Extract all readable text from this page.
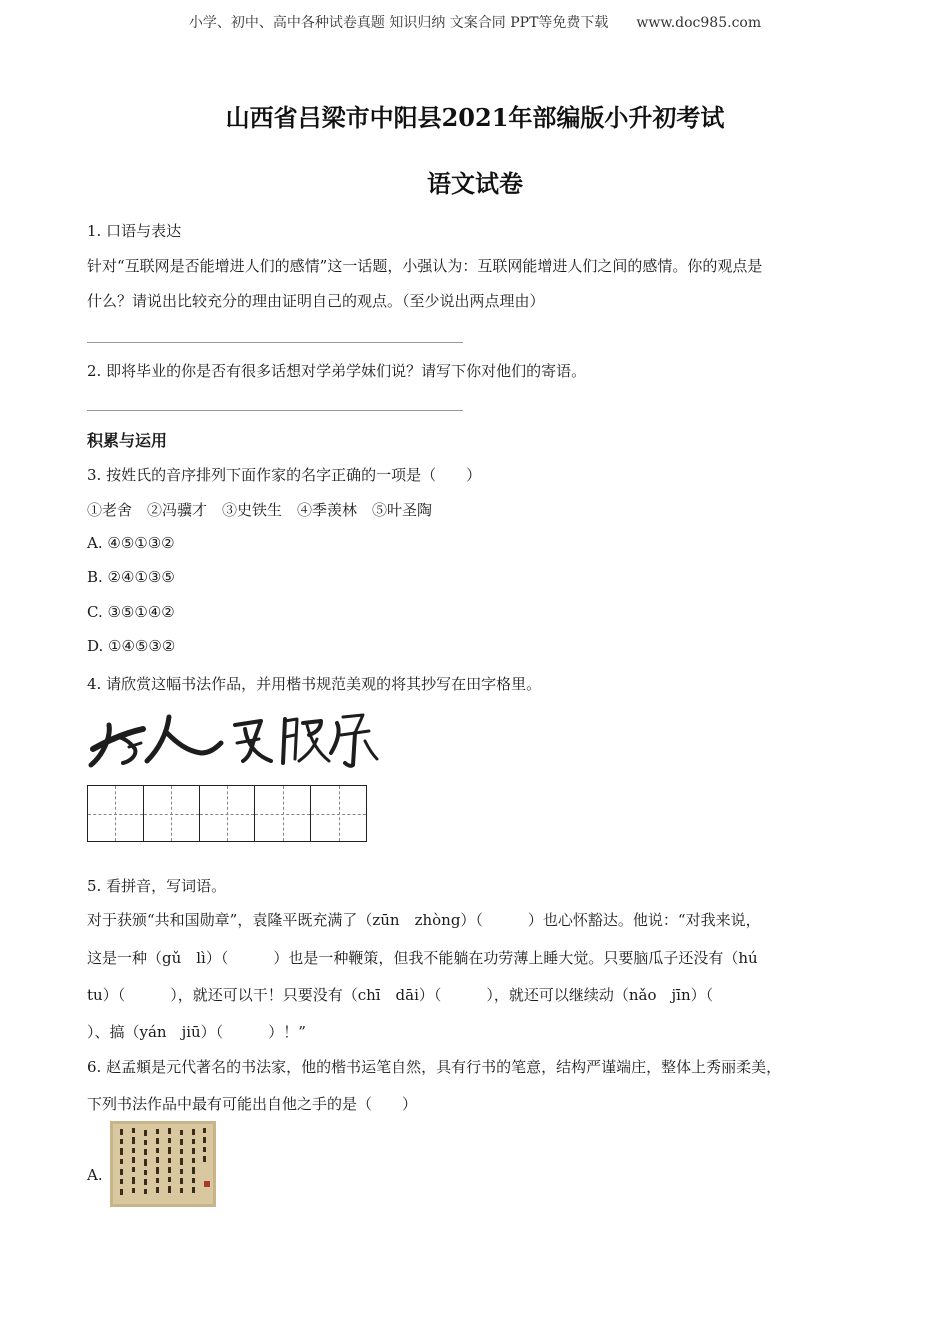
小学、初中、高中各种试卷真题 知识归纳 文案合同 PPT等免费下载　　 www.doc985.com
山西省吕梁市中阳县2021年部编版小升初考试
语文试卷
1. 口语与表达
针对“互联网是否能增进人们的感情”这一话题，小强认为：互联网能增进人们之间的感情。你的观点是
什么？请说出比较充分的理由证明自己的观点。（至少说出两点理由）
2. 即将毕业的你是否有很多话想对学弟学妹们说？请写下你对他们的寄语。
积累与运用
3. 按姓氏的音序排列下面作家的名字正确的一项是（　　）
①老舍　②冯骥才　③史铁生　④季羡林　⑤叶圣陶
A. ④⑤①③②
B. ②④①③⑤
C. ③⑤①④②
D. ①④⑤③②
4. 请欣赏这幅书法作品，并用楷书规范美观的将其抄写在田字格里。
5. 看拼音，写词语。
对于获颁“共和国勋章”，袁隆平既充满了（zūn　zhòng）（　　　）也心怀豁达。他说：“对我来说，
这是一种（gǔ　lì）（　　　）也是一种鞭策，但我不能躺在功劳薄上睡大觉。只要脑瓜子还没有（hú
tu）（　　　），就还可以干！只要没有（chī　dāi）（　　　），就还可以继续动（nǎo　jīn）（
）、搞（yán　jiū）（　　　）！”
6. 赵孟頫是元代著名的书法家，他的楷书运笔自然，具有行书的笔意，结构严谨端庄，整体上秀丽柔美，
下列书法作品中最有可能出自他之手的是（　　）
A.
